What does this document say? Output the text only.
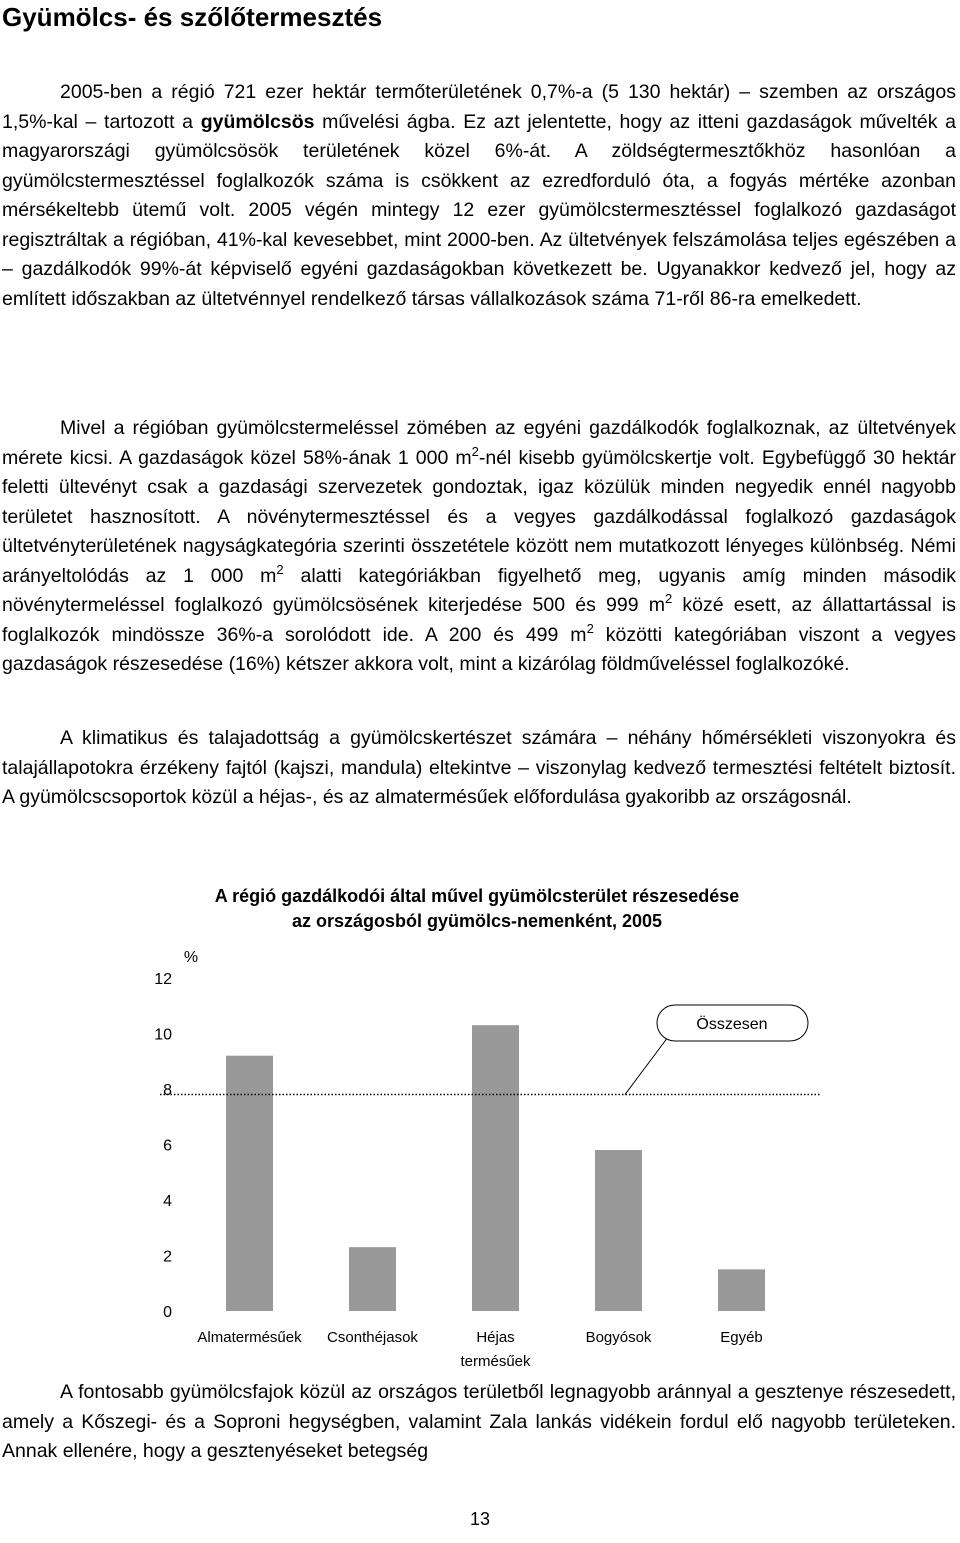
Gyümölcs- és szőlőtermesztés

2005-ben a régió 721 ezer hektár termőterületének 0,7%-a (5 130 hektár) – szemben az országos 1,5%-kal – tartozott a gyümölcsös művelési ágba. Ez azt jelentette, hogy az itteni gazdaságok művelték a magyarországi gyümölcsösök területének közel 6%-át. A zöldségtermesztőkhöz hasonlóan a gyümölcstermesztéssel foglalkozók száma is csökkent az ezredforduló óta, a fogyás mértéke azonban mérsékeltebb ütemű volt. 2005 végén mintegy 12 ezer gyümölcstermesztéssel foglalkozó gazdaságot regisztráltak a régióban, 41%-kal kevesebbet, mint 2000-ben. Az ültetvények felszámolása teljes egészében a – gazdálkodók 99%-át képviselő egyéni gazdaságokban következett be. Ugyanakkor kedvező jel, hogy az említett időszakban az ültetvénnyel rendelkező társas vállalkozások száma 71-ről 86-ra emelkedett.

Mivel a régióban gyümölcstermeléssel zömében az egyéni gazdálkodók foglalkoznak, az ültetvények mérete kicsi. A gazdaságok közel 58%-ának 1 000 $m^2$-nél kisebb gyümölcskertje volt. Egybefüggő 30 hektár feletti ültevényt csak a gazdasági szervezetek gondoztak, igaz közülük minden negyedik ennél nagyobb területet hasznosított. A növénytermesztéssel és a vegyes gazdálkodással foglalkozó gazdaságok ültetvényterületének nagyságkategória szerinti összetétele között nem mutatkozott lényeges különbség. Némi arányeltolódás az 1 000 $m^2$ alatti kategóriákban figyelhető meg, ugyanis amíg minden második növénytermeléssel foglalkozó gyümölcsösének kiterjedése 500 és 999 $m^2$ közé esett, az állattartással is foglalkozók mindössze 36%-a sorolódott ide. A 200 és 499 $m^2$ közötti kategóriában viszont a vegyes gazdaságok részesedése (16%) kétszer akkora volt, mint a kizárólag földműveléssel foglalkozóké.

A klimatikus és talajadottság a gyümölcskertészet számára – néhány hőmérsékleti viszonyokra és talajállapotokra érzékeny fajtól (kajszi, mandula) eltekintve – viszonylag kedvező termesztési feltételt biztosít. A gyümölcscsoportok közül a héjas-, és az almatermésűek előfordulása gyakoribb az országosnál.

A régió gazdálkodói által művel gyümölcsterület részesedése
az országosból gyümölcs-nemenként, 2005
%
12
10
8
6
4
2
0
Almatermésűek Csonthéjasok	Héjas
termésűek
Bogyósok	Egyéb
Összesen

A fontosabb gyümölcsfajok közül az országos területből legnagyobb aránnyal a gesztenye részesedett, amely a Kőszegi- és a Soproni hegységben, valamint Zala lankás vidékein fordul elő nagyobb területeken. Annak ellenére, hogy a gesztenyéseket betegség

13
